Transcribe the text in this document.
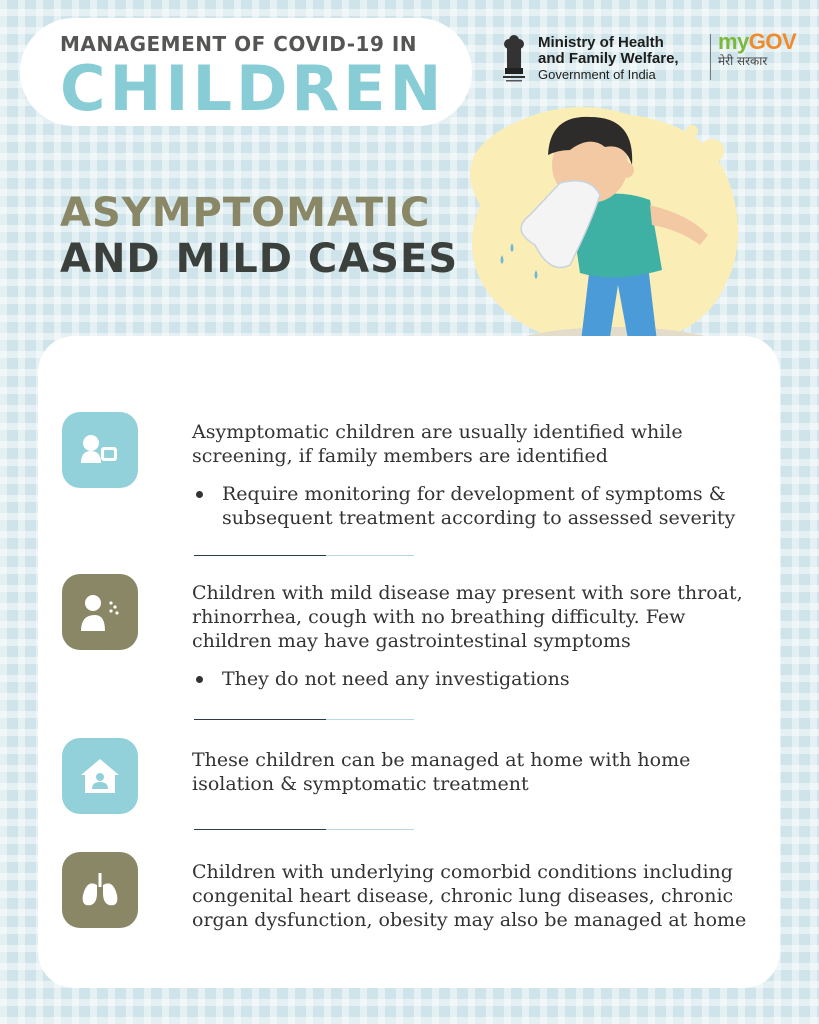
MANAGEMENT OF COVID-19 IN
CHILDREN
Ministry of Health
and Family Welfare,
Government of India
myGOV
मेरी सरकार
ASYMPTOMATIC
AND MILD CASES
Asymptomatic children are usually identified while screening, if family members are identified
Require monitoring for development of symptoms & subsequent treatment according to assessed severity
Children with mild disease may present with sore throat, rhinorrhea, cough with no breathing difficulty. Few children may have gastrointestinal symptoms
They do not need any investigations
These children can be managed at home with home isolation & symptomatic treatment
Children with underlying comorbid conditions including congenital heart disease, chronic lung diseases, chronic organ dysfunction, obesity may also be managed at home
